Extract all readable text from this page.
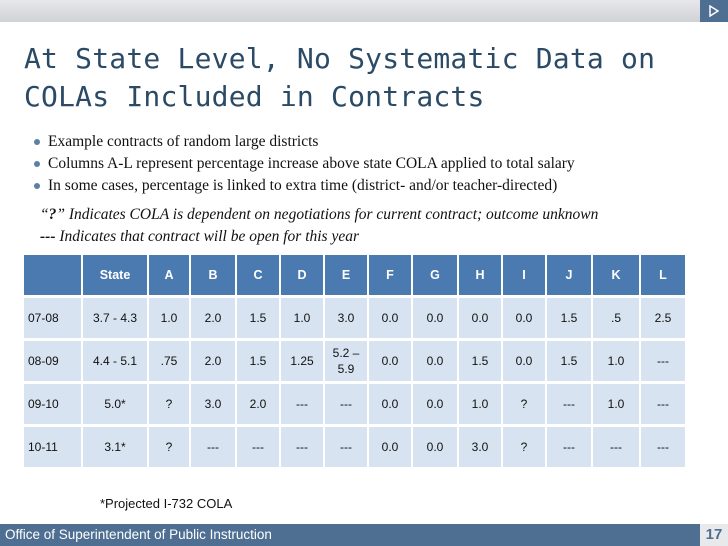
At State Level, No Systematic Data on COLAs Included in Contracts
Example contracts of random large districts
Columns A-L represent percentage increase above state COLA applied to total salary
In some cases, percentage is linked to extra time (district- and/or teacher-directed)
“?” Indicates COLA is dependent on negotiations for current contract; outcome unknown
--- Indicates that contract will be open for this year
	State	A	B	C	D	E	F	G	H	I	J	K	L
07-08	3.7 - 4.3	1.0	2.0	1.5	1.0	3.0	0.0	0.0	0.0	0.0	1.5	.5	2.5
08-09	4.4 - 5.1	.75	2.0	1.5	1.25	5.2 – 5.9	0.0	0.0	1.5	0.0	1.5	1.0	---
09-10	5.0*	?	3.0	2.0	---	---	0.0	0.0	1.0	?	---	1.0	---
10-11	3.1*	?	---	---	---	---	0.0	0.0	3.0	?	---	---	---
*Projected I-732 COLA
Office of Superintendent of Public Instruction	17
